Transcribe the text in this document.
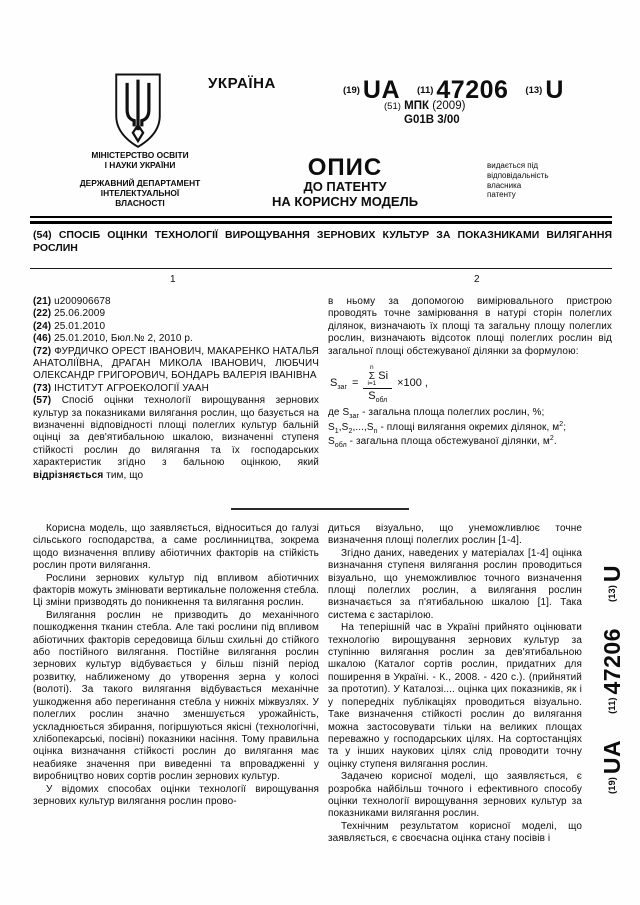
УКРАЇНА
МІНІСТЕРСТВО ОСВІТИ
І НАУКИ УКРАЇНИ
ДЕРЖАВНИЙ ДЕПАРТАМЕНТ
ІНТЕЛЕКТУАЛЬНОЇ
ВЛАСНОСТІ
(19) UA (11) 47206 (13) U
(51) МПК (2009)
G01B 3/00
ОПИС
ДО ПАТЕНТУ
НА КОРИСНУ МОДЕЛЬ
видається під
відповідальність
власника
патенту
(54) СПОСІБ ОЦІНКИ ТЕХНОЛОГІЇ ВИРОЩУВАННЯ ЗЕРНОВИХ КУЛЬТУР ЗА ПОКАЗНИКАМИ ВИЛЯГАННЯ РОСЛИН
1	2
(21) u200906678
(22) 25.06.2009
(24) 25.01.2010
(46) 25.01.2010, Бюл.№ 2, 2010 р.
(72) ФУРДИЧКО ОРЕСТ ІВАНОВИЧ, МАКАРЕНКО НАТАЛЬЯ АНАТОЛІЇВНА, ДРАГАН МИКОЛА ІВАНОВИЧ, ЛЮБЧИЧ ОЛЕКСАНДР ГРИГОРОВИЧ, БОНДАРЬ ВАЛЕРІЯ ІВАНІВНА
(73) ІНСТИТУТ АГРОЕКОЛОГІЇ УААН
(57) Спосіб оцінки технології вирощування зернових культур за показниками вилягання рослин, що базується на визначенні відповідності площі полеглих культур бальній оцінці за дев'ятибальною шкалою, визначенні ступеня стійкості рослин до вилягання та їх господарських характеристик згідно з бальною оцінкою, який відрізняється тим, що

в ньому за допомогою вимірювального пристрою проводять точне замірювання в натурі сторін полеглих ділянок, визначають їх площі та загальну площу полеглих рослин, визначають відсоток площі полеглих рослин від загальної площі обстежуваної ділянки за формулою:

$S_{заг} = n$
Σ
i=1
Si
$S_{обл} \times 100$ ,
де $S_{заг}$ - загальна площа полеглих рослин, %;
$S_1,S_2,...,S_n$ - площі вилягання окремих ділянок, $м^2$;
$S_{обл}$ - загальна площа обстежуваної ділянки, $м^2$.

Корисна модель, що заявляється, відноситься до галузі сільського господарства, а саме рослинництва, зокрема щодо визначення впливу абіотичних факторів на стійкість рослин проти вилягання.

Рослини зернових культур під впливом абіотичних факторів можуть змінювати вертикальне положення стебла. Ці зміни призводять до поникнення та вилягання рослин.

Вилягання рослин не призводить до механічного пошкодження тканин стебла. Але такі рослини під впливом абіотичних факторів середовища більш схильні до стійкого або постійного вилягання. Постійне вилягання рослин зернових культур відбувається у більш пізній період розвитку, наближеному до утворення зерна у колосі (волоті). За такого вилягання відбувається механічне ушкодження або перегинання стебла у нижніх міжвузлях. У полеглих рослин значно зменшується урожайність, ускладнюється збирання, погіршуються якісні (технологічні, хлібопекарські, посівні) показники насіння. Тому правильна оцінка визначання стійкості рослин до вилягання має неабияке значення при виведенні та впровадженні у виробництво нових сортів рослин зернових культур.

У відомих способах оцінки технології вирощування зернових культур вилягання рослин прово-

диться візуально, що унеможливлює точне визначення площі полеглих рослин [1-4].

Згідно даних, наведених у матеріалах [1-4] оцінка визначання ступеня вилягання рослин проводиться візуально, що унеможливлює точного визначення площі полеглих рослин, а вилягання рослин визначається за п'ятибальною шкалою [1]. Така система є застарілою.

На теперішній час в Україні прийнято оцінювати технологію вирощування зернових культур за ступінню вилягання рослин за дев'ятибальною шкалою (Каталог сортів рослин, придатних для поширення в Україні. - К., 2008. - 420 с.). (прийнятий за прототип). У Каталозі.... оцінка цих показників, як і у попередніх публікаціях проводиться візуально. Таке визначення стійкості рослин до вилягання можна застосовувати тільки на великих площах переважно у господарських цілях. На сортостанціях та у інших наукових цілях слід проводити точну оцінку ступеня вилягання рослин.

Задачею корисної моделі, що заявляється, є розробка найбільш точного і ефективного способу оцінки технології вирощування зернових культур за показниками вилягання рослин.

Технічним результатом корисної моделі, що заявляється, є своєчасна оцінка стану посівів і

(19)
UA
(11)
47206
(13)
U
